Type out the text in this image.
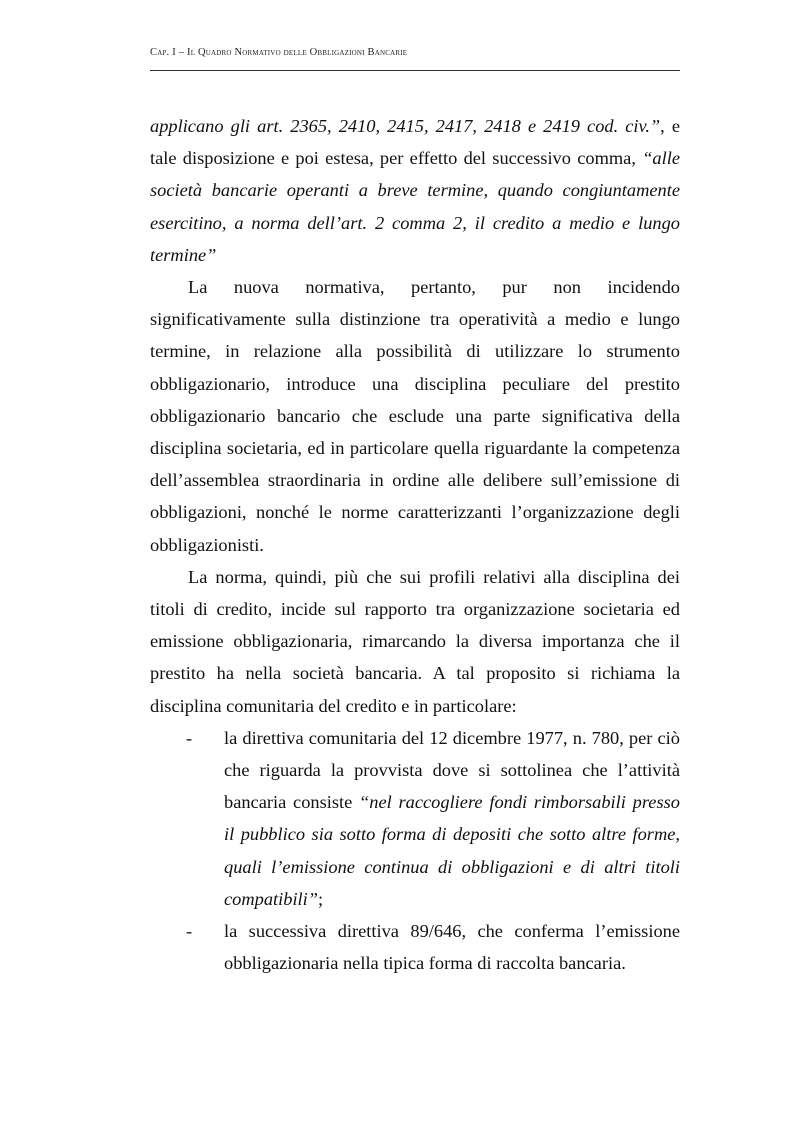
Cap. I – Il Quadro Normativo delle Obbligazioni Bancarie

applicano gli art. 2365, 2410, 2415, 2417, 2418 e 2419 cod. civ.”, e tale disposizione e poi estesa, per effetto del successivo comma, “alle società bancarie operanti a breve termine, quando congiuntamente esercitino, a norma dell’art. 2 comma 2, il credito a medio e lungo termine”

La nuova normativa, pertanto, pur non incidendo significativamente sulla distinzione tra operatività a medio e lungo termine, in relazione alla possibilità di utilizzare lo strumento obbligazionario, introduce una disciplina peculiare del prestito obbligazionario bancario che esclude una parte significativa della disciplina societaria, ed in particolare quella riguardante la competenza dell’assemblea straordinaria in ordine alle delibere sull’emissione di obbligazioni, nonché le norme caratterizzanti l’organizzazione degli obbligazionisti.

La norma, quindi, più che sui profili relativi alla disciplina dei titoli di credito, incide sul rapporto tra organizzazione societaria ed emissione obbligazionaria, rimarcando la diversa importanza che il prestito ha nella società bancaria. A tal proposito si richiama la disciplina comunitaria del credito e in particolare:

- la direttiva comunitaria del 12 dicembre 1977, n. 780, per ciò che riguarda la provvista dove si sottolinea che l’attività bancaria consiste “nel raccogliere fondi rimborsabili presso il pubblico sia sotto forma di depositi che sotto altre forme, quali l’emissione continua di obbligazioni e di altri titoli compatibili”;
- la successiva direttiva 89/646, che conferma l’emissione obbligazionaria nella tipica forma di raccolta bancaria.
